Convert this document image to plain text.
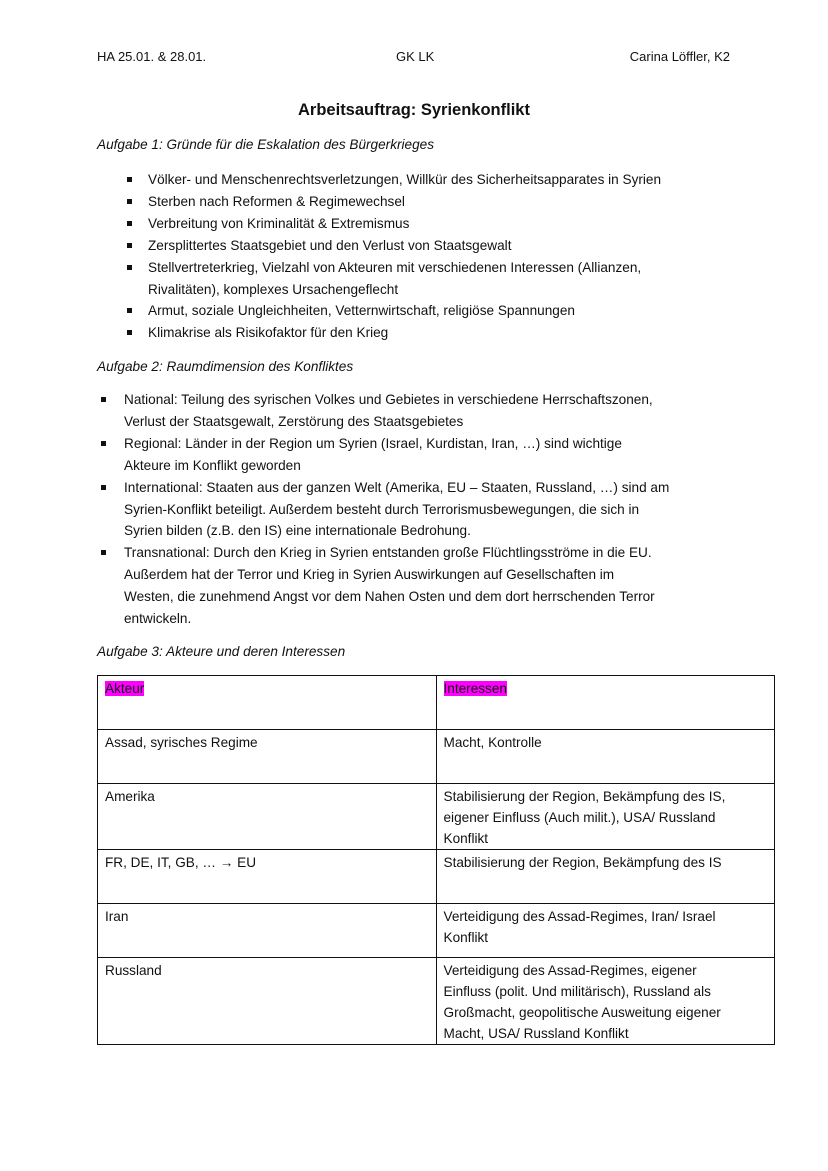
HA 25.01. & 28.01.	GK LK	Carina Löffler, K2
Arbeitsauftrag: Syrienkonflikt
Aufgabe 1: Gründe für die Eskalation des Bürgerkrieges
Völker- und Menschenrechtsverletzungen, Willkür des Sicherheitsapparates in Syrien
Sterben nach Reformen & Regimewechsel
Verbreitung von Kriminalität & Extremismus
Zersplittertes Staatsgebiet und den Verlust von Staatsgewalt
Stellvertreterkrieg, Vielzahl von Akteuren mit verschiedenen Interessen (Allianzen,
Rivalitäten), komplexes Ursachengeflecht
Armut, soziale Ungleichheiten, Vetternwirtschaft, religiöse Spannungen
Klimakrise als Risikofaktor für den Krieg
Aufgabe 2: Raumdimension des Konfliktes
National: Teilung des syrischen Volkes und Gebietes in verschiedene Herrschaftszonen,
Verlust der Staatsgewalt, Zerstörung des Staatsgebietes
Regional: Länder in der Region um Syrien (Israel, Kurdistan, Iran, …) sind wichtige
Akteure im Konflikt geworden
International: Staaten aus der ganzen Welt (Amerika, EU – Staaten, Russland, …) sind am
Syrien-Konflikt beteiligt. Außerdem besteht durch Terrorismusbewegungen, die sich in
Syrien bilden (z.B. den IS) eine internationale Bedrohung.
Transnational: Durch den Krieg in Syrien entstanden große Flüchtlingsströme in die EU.
Außerdem hat der Terror und Krieg in Syrien Auswirkungen auf Gesellschaften im
Westen, die zunehmend Angst vor dem Nahen Osten und dem dort herrschenden Terror
entwickeln.
Aufgabe 3: Akteure und deren Interessen
Akteur	Interessen

Assad, syrisches Regime	Macht, Kontrolle

Amerika	Stabilisierung der Region, Bekämpfung des IS,
eigener Einfluss (Auch milit.), USA/ Russland
Konflikt

FR, DE, IT, GB, … → EU	Stabilisierung der Region, Bekämpfung des IS

Iran	Verteidigung des Assad-Regimes, Iran/ Israel
Konflikt

Russland	Verteidigung des Assad-Regimes, eigener
Einfluss (polit. Und militärisch), Russland als
Großmacht, geopolitische Ausweitung eigener
Macht, USA/ Russland Konflikt
